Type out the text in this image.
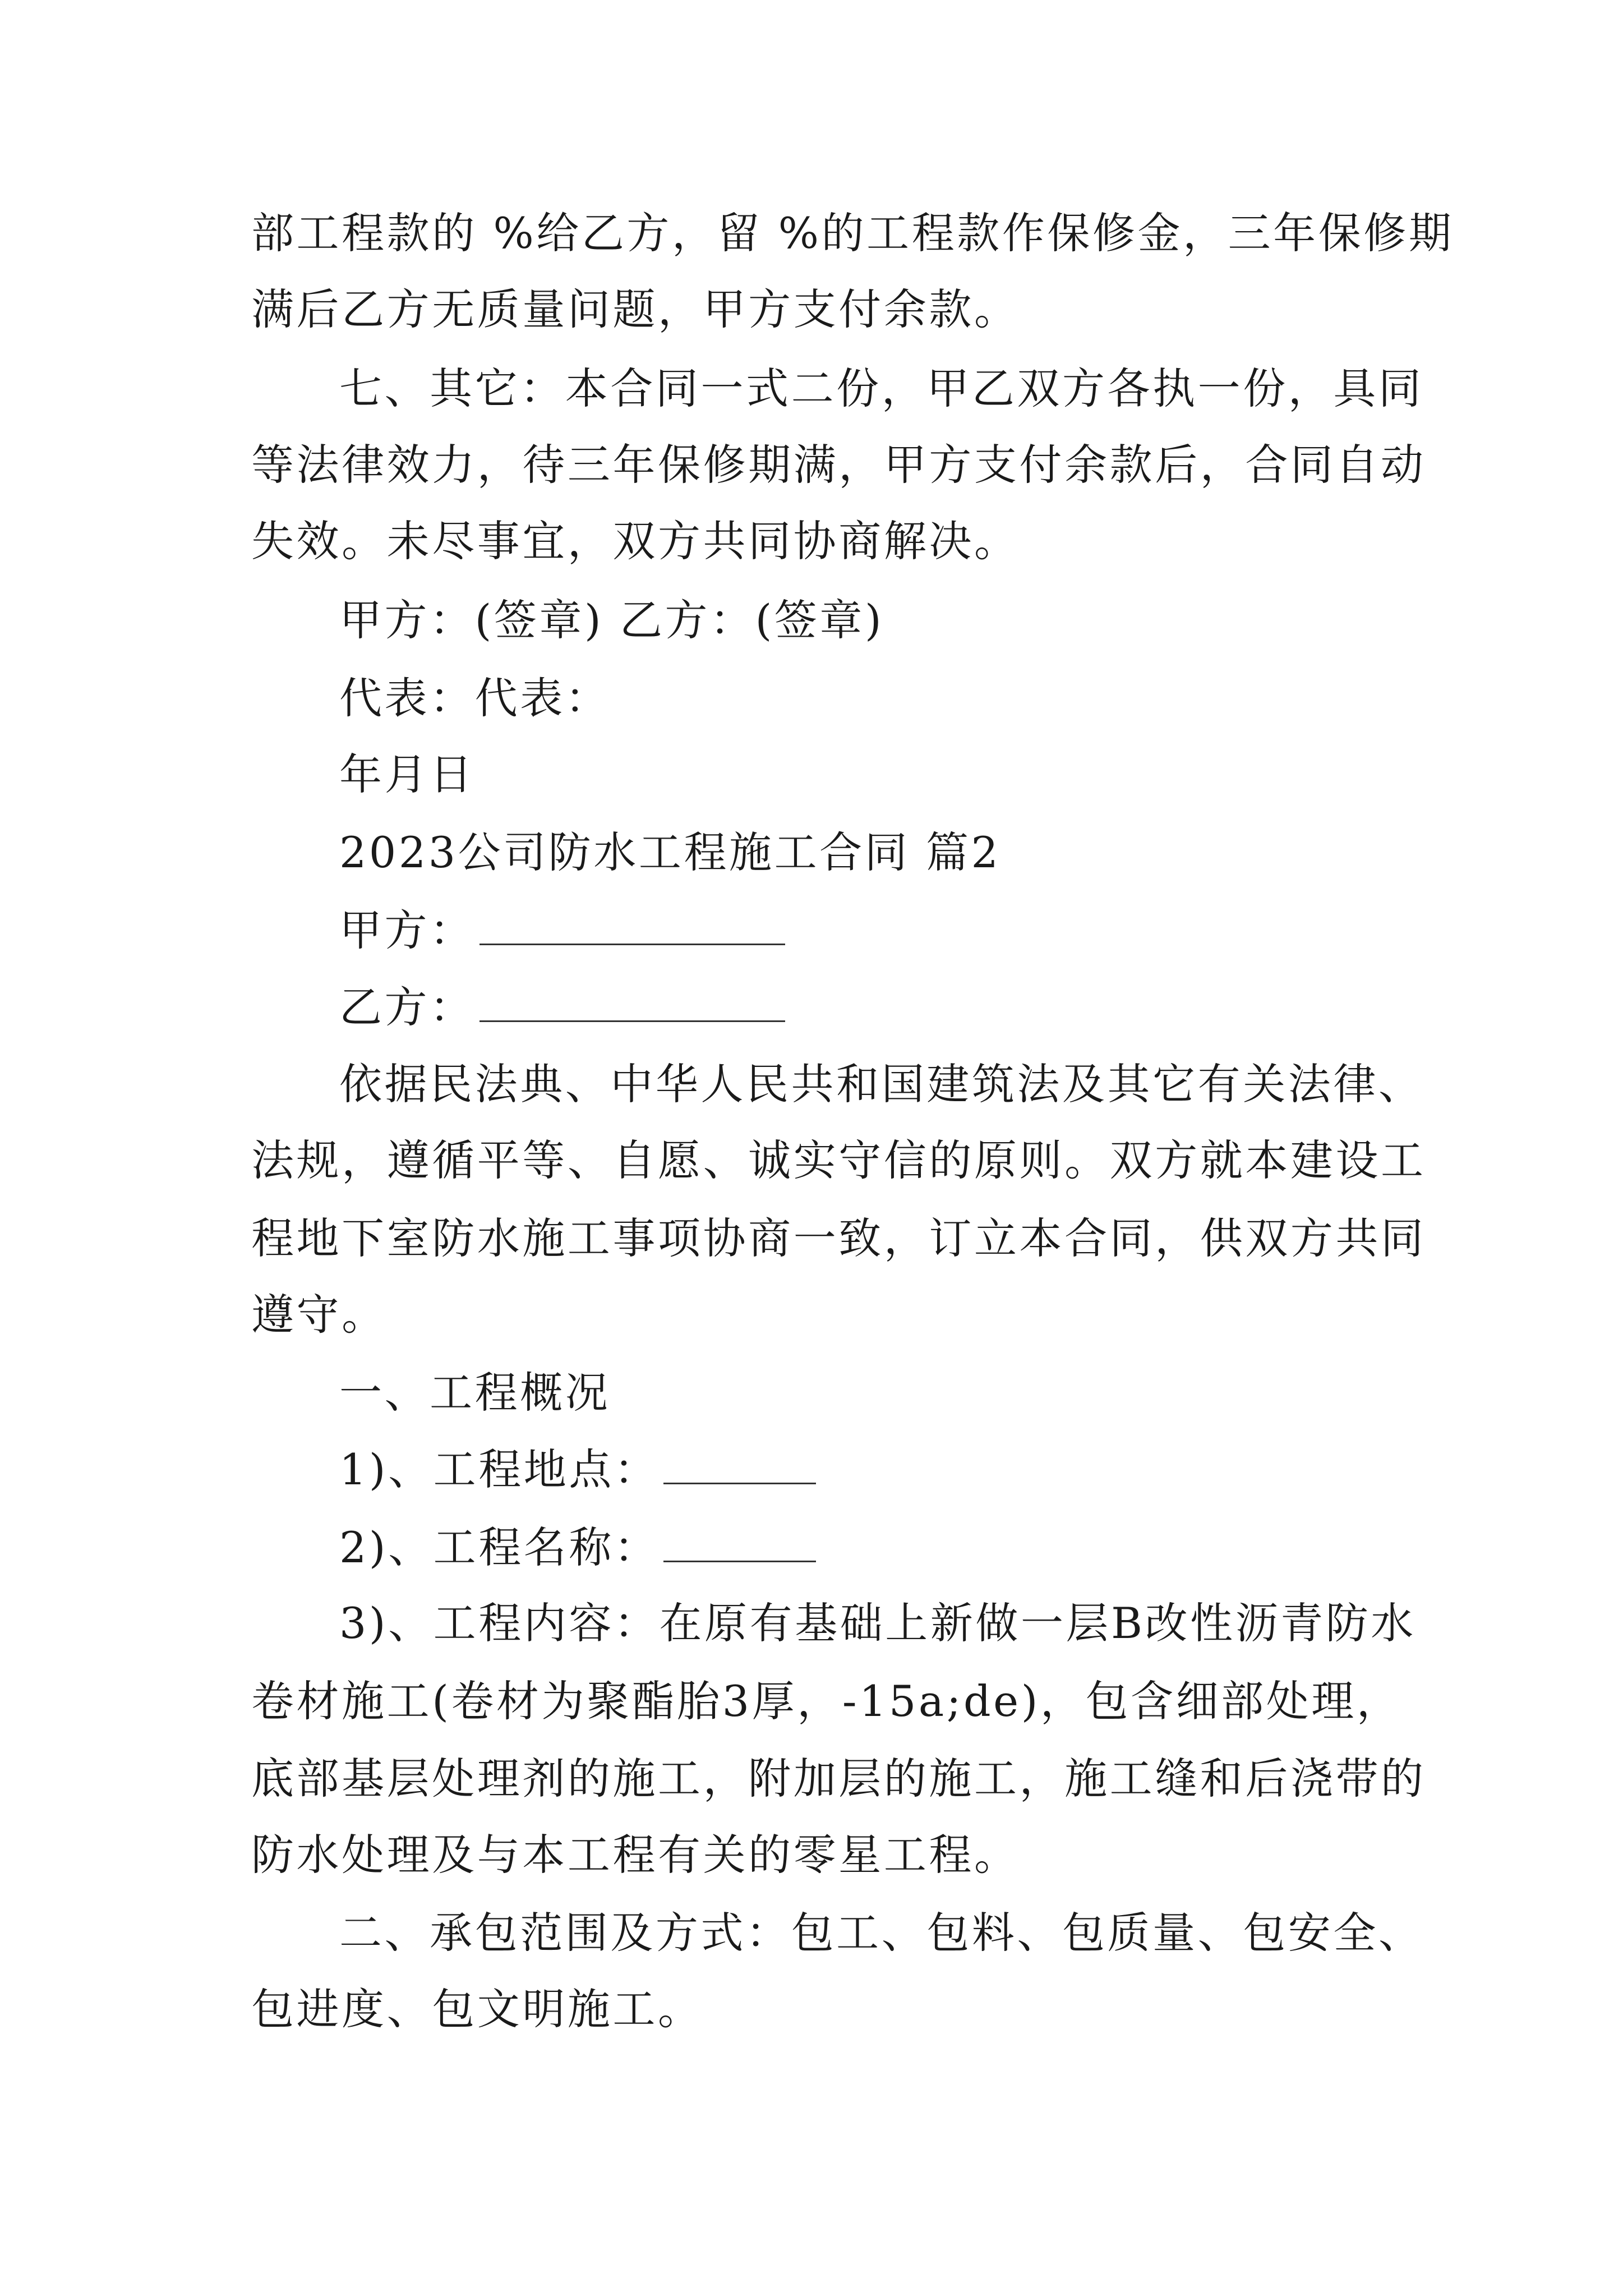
部工程款的 %给乙方，留 %的工程款作保修金，三年保修期
满后乙方无质量问题，甲方支付余款。
七、其它：本合同一式二份，甲乙双方各执一份，具同
等法律效力，待三年保修期满，甲方支付余款后，合同自动
失效。未尽事宜，双方共同协商解决。
甲方：(签章) 乙方：(签章)
代表：代表：
年月日
2023公司防水工程施工合同 篇2
甲方：
乙方：
依据民法典、中华人民共和国建筑法及其它有关法律、
法规，遵循平等、自愿、诚实守信的原则。双方就本建设工
程地下室防水施工事项协商一致，订立本合同，供双方共同
遵守。
一、工程概况
1)、工程地点：
2)、工程名称：
3)、工程内容：在原有基础上新做一层B改性沥青防水
卷材施工(卷材为聚酯胎3厚，-15a;de)，包含细部处理，
底部基层处理剂的施工，附加层的施工，施工缝和后浇带的
防水处理及与本工程有关的零星工程。
二、承包范围及方式：包工、包料、包质量、包安全、
包进度、包文明施工。
